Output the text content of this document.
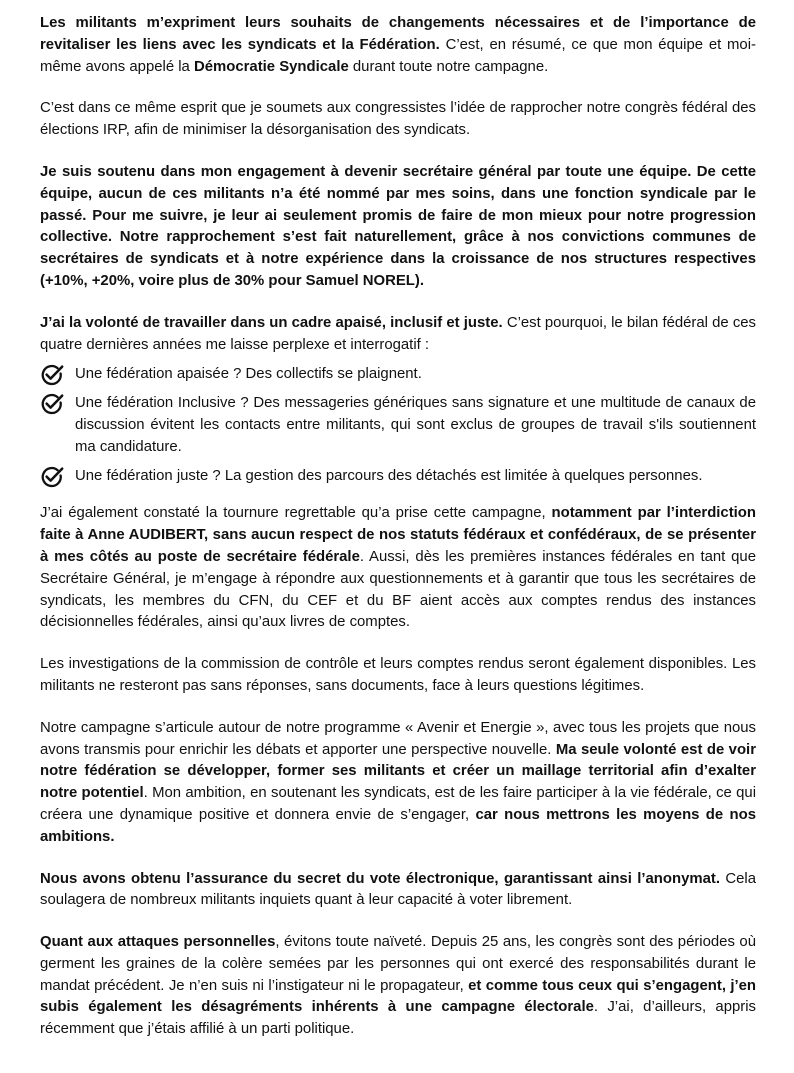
Les militants m’expriment leurs souhaits de changements nécessaires et de l’importance de revitaliser les liens avec les syndicats et la Fédération. C’est, en résumé, ce que mon équipe et moi-même avons appelé la Démocratie Syndicale durant toute notre campagne.

C’est dans ce même esprit que je soumets aux congressistes l’idée de rapprocher notre congrès fédéral des élections IRP, afin de minimiser la désorganisation des syndicats.

Je suis soutenu dans mon engagement à devenir secrétaire général par toute une équipe. De cette équipe, aucun de ces militants n’a été nommé par mes soins, dans une fonction syndicale par le passé. Pour me suivre, je leur ai seulement promis de faire de mon mieux pour notre progression collective. Notre rapprochement s’est fait naturellement, grâce à nos convictions communes de secrétaires de syndicats et à notre expérience dans la croissance de nos structures respectives (+10%, +20%, voire plus de 30% pour Samuel NOREL).

J’ai la volonté de travailler dans un cadre apaisé, inclusif et juste. C’est pourquoi, le bilan fédéral de ces quatre dernières années me laisse perplexe et interrogatif :

Une fédération apaisée ? Des collectifs se plaignent.
Une fédération Inclusive ? Des messageries génériques sans signature et une multitude de canaux de discussion évitent les contacts entre militants, qui sont exclus de groupes de travail s'ils soutiennent ma candidature.
Une fédération juste ? La gestion des parcours des détachés est limitée à quelques personnes.

J’ai également constaté la tournure regrettable qu’a prise cette campagne, notamment par l’interdiction faite à Anne AUDIBERT, sans aucun respect de nos statuts fédéraux et confédéraux, de se présenter à mes côtés au poste de secrétaire fédérale. Aussi, dès les premières instances fédérales en tant que Secrétaire Général, je m’engage à répondre aux questionnements et à garantir que tous les secrétaires de syndicats, les membres du CFN, du CEF et du BF aient accès aux comptes rendus des instances décisionnelles fédérales, ainsi qu’aux livres de comptes.

Les investigations de la commission de contrôle et leurs comptes rendus seront également disponibles. Les militants ne resteront pas sans réponses, sans documents, face à leurs questions légitimes.

Notre campagne s’articule autour de notre programme « Avenir et Energie », avec tous les projets que nous avons transmis pour enrichir les débats et apporter une perspective nouvelle. Ma seule volonté est de voir notre fédération se développer, former ses militants et créer un maillage territorial afin d’exalter notre potentiel. Mon ambition, en soutenant les syndicats, est de les faire participer à la vie fédérale, ce qui créera une dynamique positive et donnera envie de s’engager, car nous mettrons les moyens de nos ambitions.

Nous avons obtenu l’assurance du secret du vote électronique, garantissant ainsi l’anonymat. Cela soulagera de nombreux militants inquiets quant à leur capacité à voter librement.

Quant aux attaques personnelles, évitons toute naïveté. Depuis 25 ans, les congrès sont des périodes où germent les graines de la colère semées par les personnes qui ont exercé des responsabilités durant le mandat précédent. Je n’en suis ni l’instigateur ni le propagateur, et comme tous ceux qui s’engagent, j’en subis également les désagréments inhérents à une campagne électorale. J’ai, d’ailleurs, appris récemment que j’étais affilié à un parti politique.
